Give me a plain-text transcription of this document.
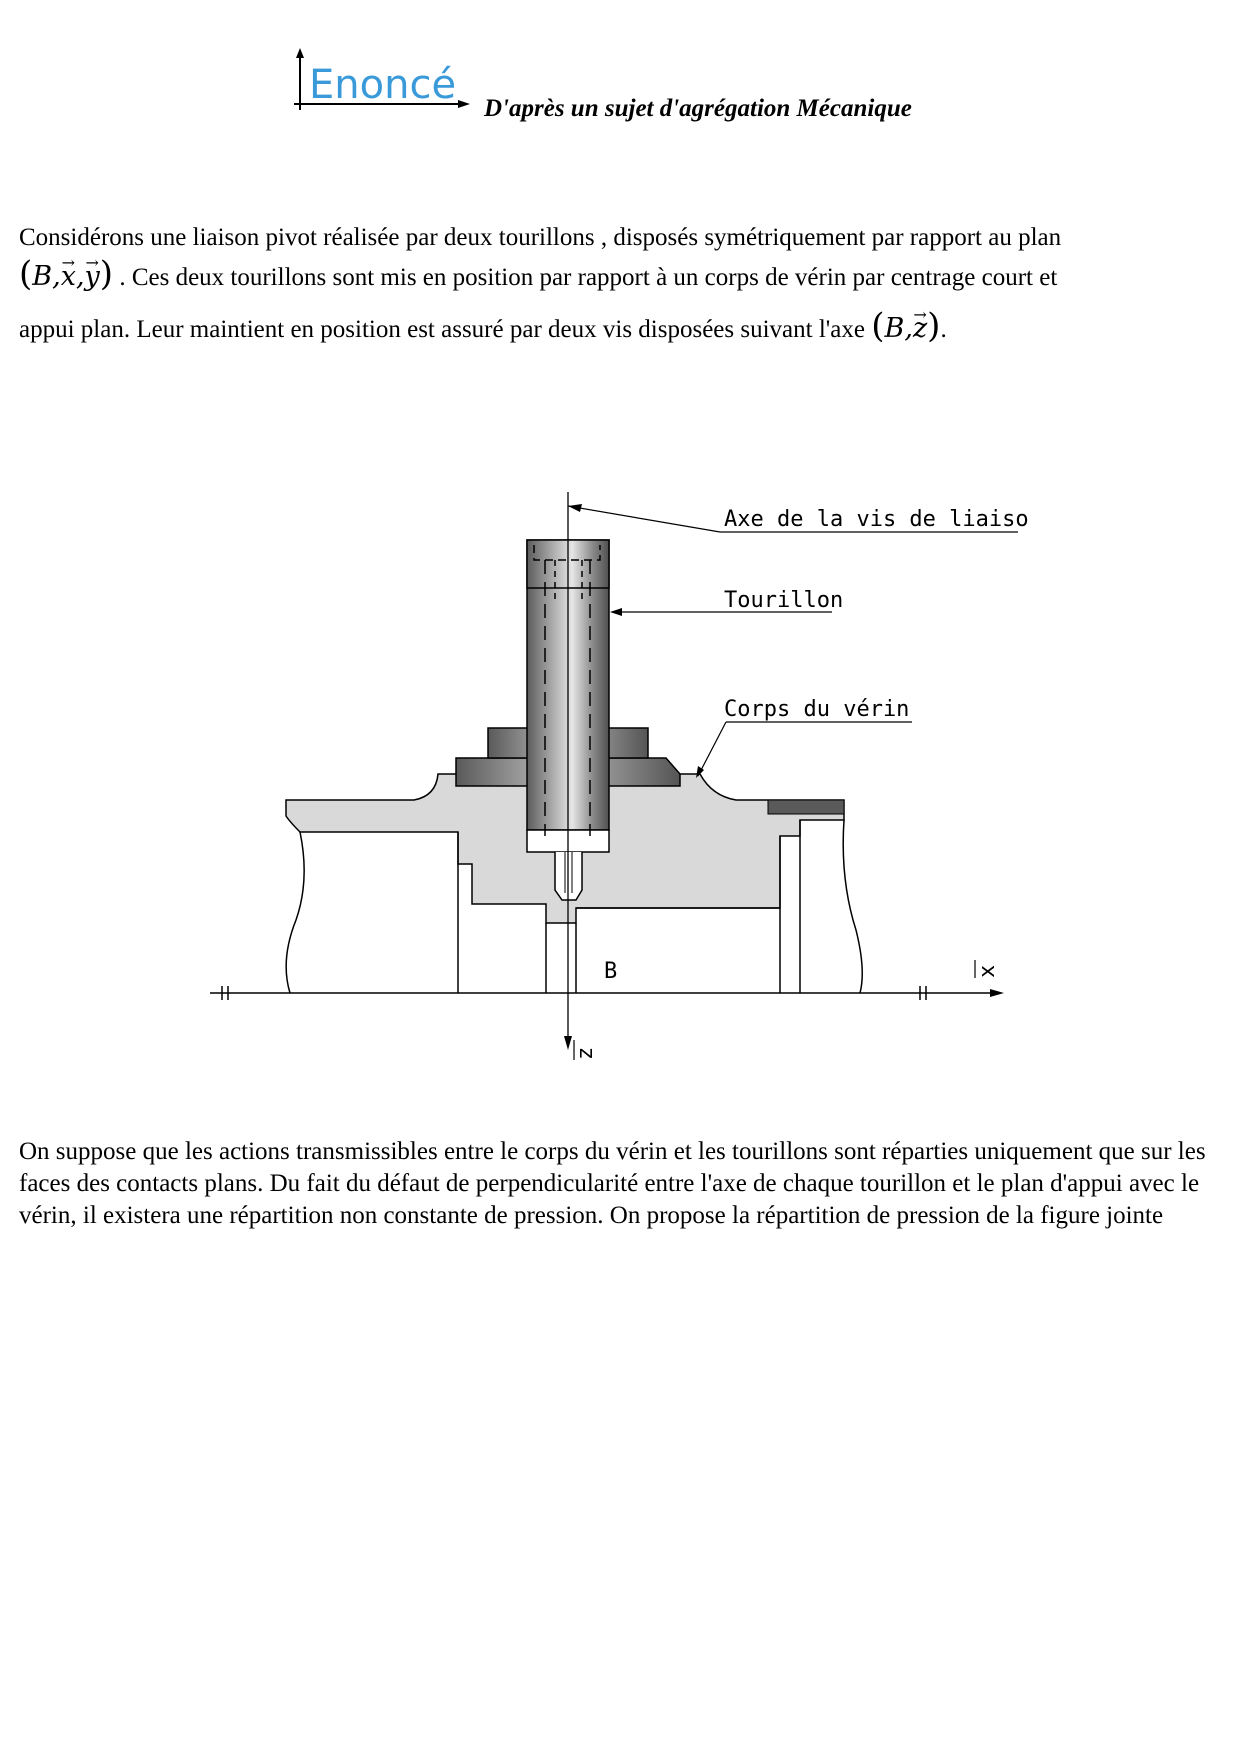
Enoncé
D'après un sujet d'agrégation Mécanique
Considérons une liaison pivot réalisée par deux tourillons , disposés symétriquement par rapport au plan
(B,→ x,→ y) . Ces deux tourillons sont mis en position par rapport à un corps de vérin par centrage court et
appui plan. Leur maintient en position est assuré par deux vis disposées suivant l'axe (B,→ z).
Axe de la vis de liaison
Tourillon
Corps du vérin
B	x
z
On suppose que les actions transmissibles entre le corps du vérin et les tourillons sont réparties uniquement que sur les faces des contacts plans. Du fait du défaut de perpendicularité entre l'axe de chaque tourillon et le plan d'appui avec le vérin, il existera une répartition non constante de pression. On propose la répartition de pression de la figure jointe
